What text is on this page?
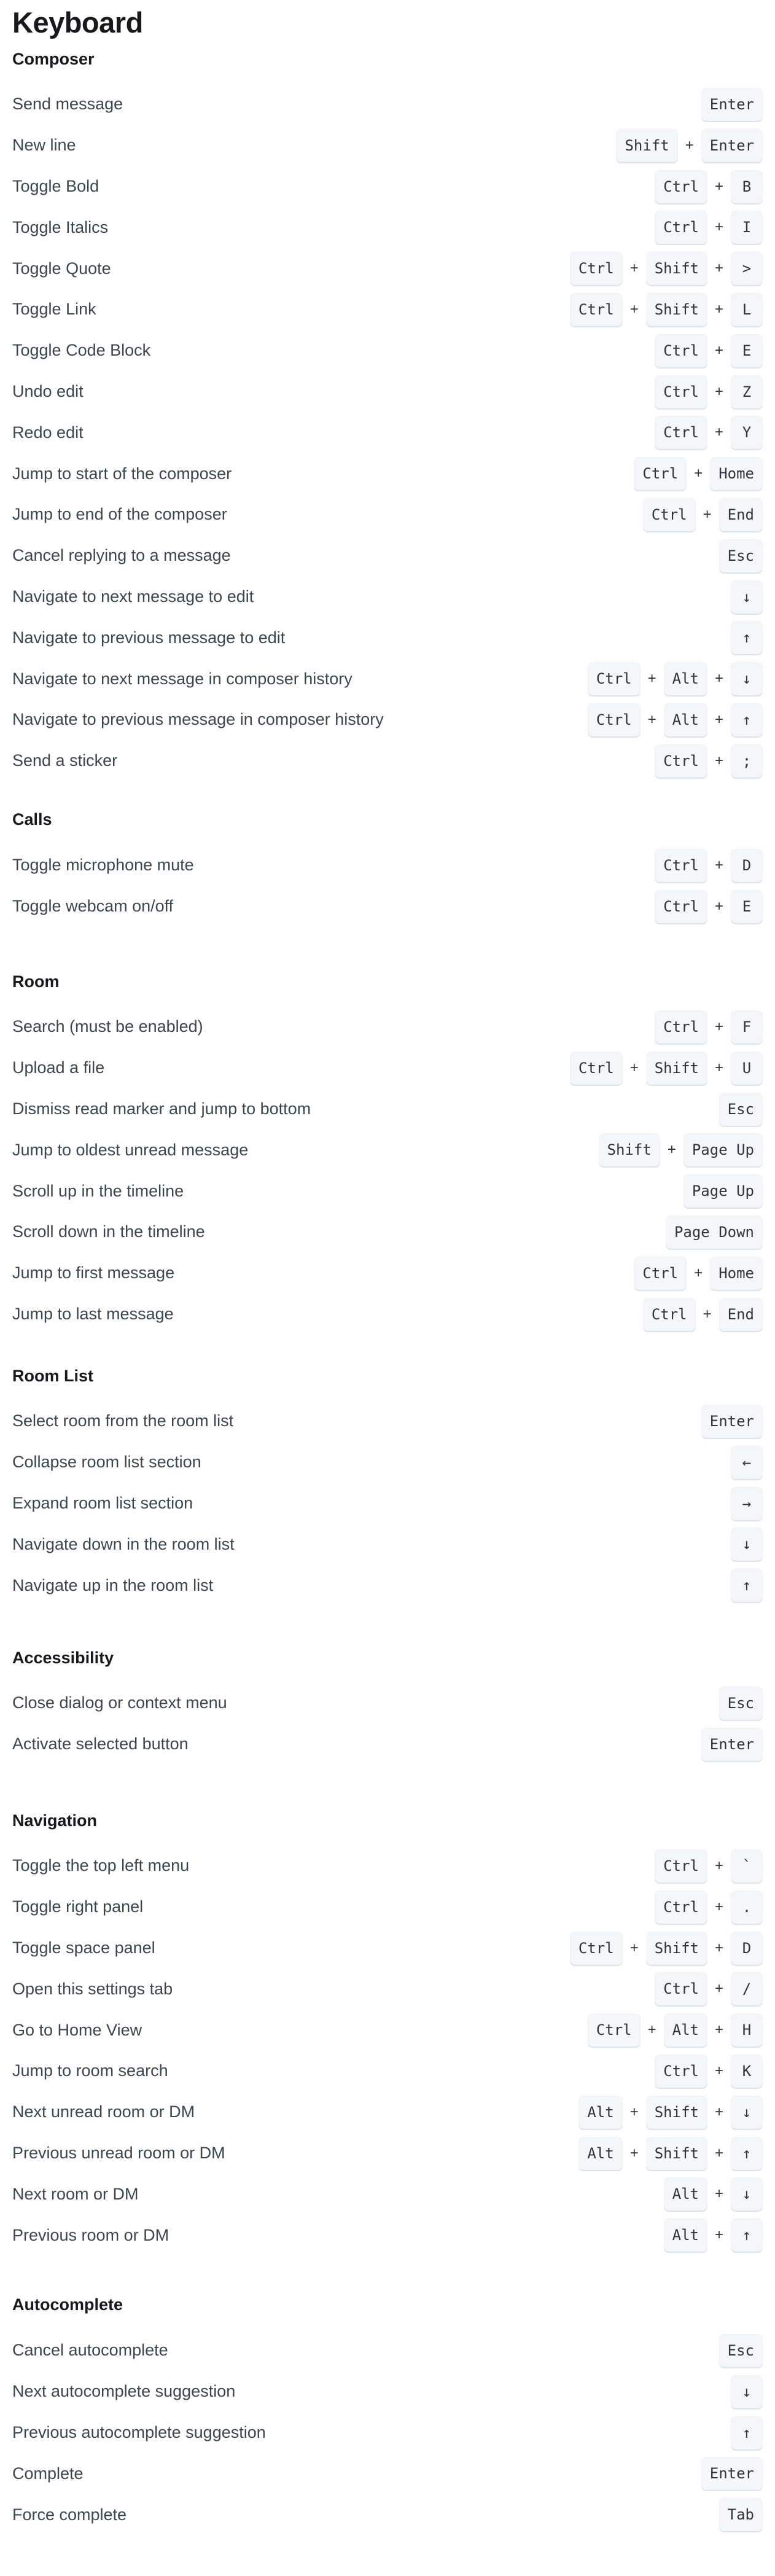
Keyboard
Composer
Send message	Enter
New line	Shift	+	Enter
Toggle Bold	Ctrl	+	B
Toggle Italics	Ctrl	+	I
Toggle Quote	Ctrl	+	Shift	+	>
Toggle Link	Ctrl	+	Shift	+	L
Toggle Code Block	Ctrl	+	E
Undo edit	Ctrl	+	Z
Redo edit	Ctrl	+	Y
Jump to start of the composer	Ctrl	+	Home
Jump to end of the composer	Ctrl	+	End
Cancel replying to a message	Esc
Navigate to next message to edit	↓
Navigate to previous message to edit	↑
Navigate to next message in composer history	Ctrl	+	Alt	+	↓
Navigate to previous message in composer history	Ctrl	+	Alt	+	↑
Send a sticker	Ctrl	+	;
Calls
Toggle microphone mute	Ctrl	+	D
Toggle webcam on/off	Ctrl	+	E
Room
Search (must be enabled)	Ctrl	+	F
Upload a file	Ctrl	+	Shift	+	U
Dismiss read marker and jump to bottom	Esc
Jump to oldest unread message	Shift	+	Page Up
Scroll up in the timeline	Page Up
Scroll down in the timeline	Page Down
Jump to first message	Ctrl	+	Home
Jump to last message	Ctrl	+	End
Room List
Select room from the room list	Enter
Collapse room list section	←
Expand room list section	→
Navigate down in the room list	↓
Navigate up in the room list	↑
Accessibility
Close dialog or context menu	Esc
Activate selected button	Enter
Navigation
Toggle the top left menu	Ctrl	+	`
Toggle right panel	Ctrl	+	.
Toggle space panel	Ctrl	+	Shift	+	D
Open this settings tab	Ctrl	+	/
Go to Home View	Ctrl	+	Alt	+	H
Jump to room search	Ctrl	+	K
Next unread room or DM	Alt	+	Shift	+	↓
Previous unread room or DM	Alt	+	Shift	+	↑
Next room or DM	Alt	+	↓
Previous room or DM	Alt	+	↑
Autocomplete
Cancel autocomplete	Esc
Next autocomplete suggestion	↓
Previous autocomplete suggestion	↑
Complete	Enter
Force complete	Tab
